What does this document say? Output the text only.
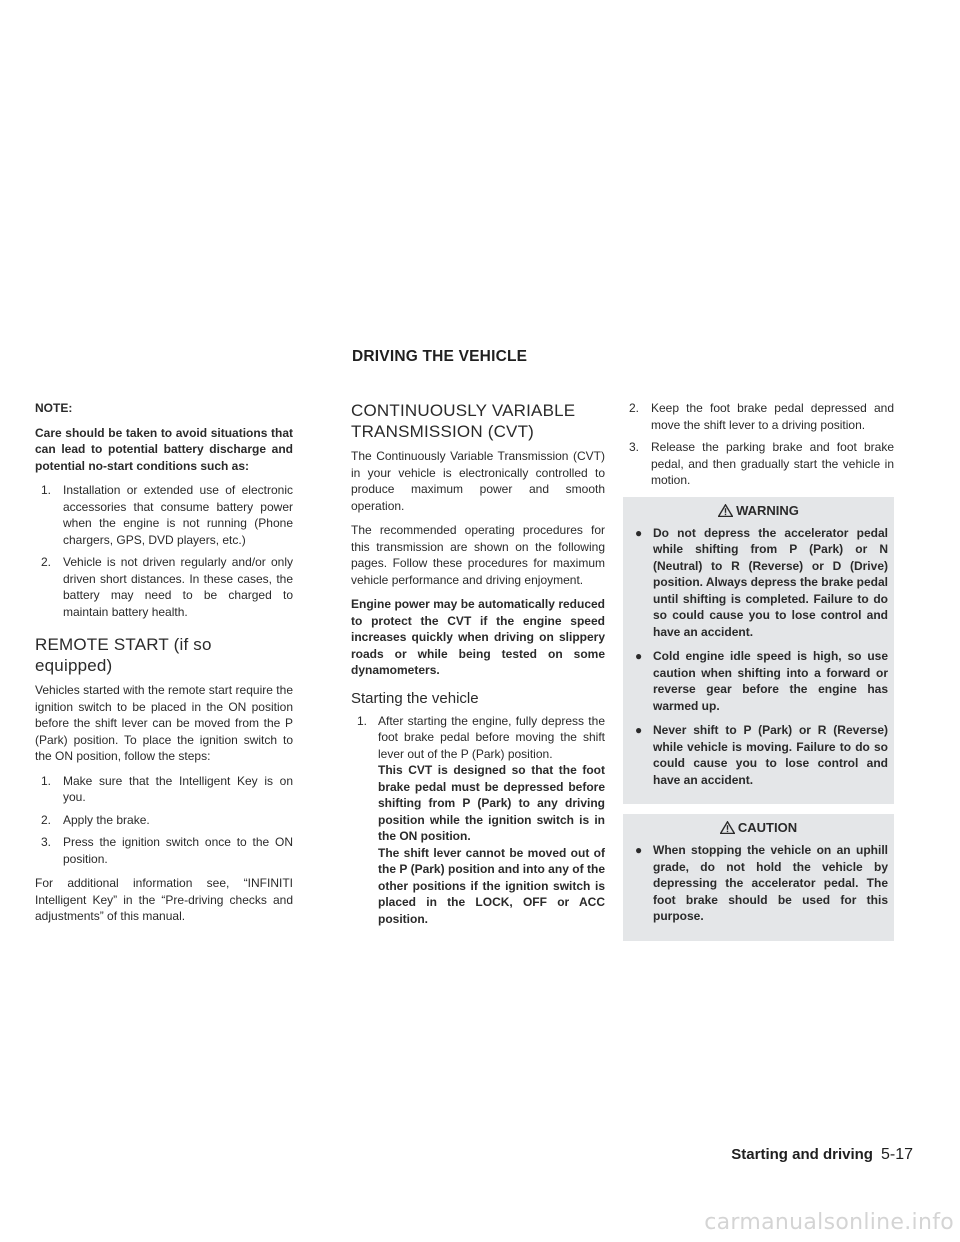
DRIVING THE VEHICLE
NOTE:

Care should be taken to avoid situations that can lead to potential battery discharge and potential no-start conditions such as:

1. Installation or extended use of electronic accessories that consume battery power when the engine is not running (Phone chargers, GPS, DVD players, etc.)
2. Vehicle is not driven regularly and/or only driven short distances. In these cases, the battery may need to be charged to maintain battery health.
REMOTE START (if so equipped)

Vehicles started with the remote start require the ignition switch to be placed in the ON position before the shift lever can be moved from the P (Park) position. To place the ignition switch to the ON position, follow the steps:

1. Make sure that the Intelligent Key is on you.
2. Apply the brake.
3. Press the ignition switch once to the ON position.

For additional information see, “INFINITI Intelligent Key” in the “Pre-driving checks and adjustments” of this manual.

CONTINUOUSLY VARIABLE TRANSMISSION (CVT)

The Continuously Variable Transmission (CVT) in your vehicle is electronically controlled to produce maximum power and smooth operation.

The recommended operating procedures for this transmission are shown on the following pages. Follow these procedures for maximum vehicle performance and driving enjoyment.

Engine power may be automatically reduced to protect the CVT if the engine speed increases quickly when driving on slippery roads or while being tested on some dynamometers.

Starting the vehicle
1. After starting the engine, fully depress the foot brake pedal before moving the shift lever out of the P (Park) position.
This CVT is designed so that the foot brake pedal must be depressed before shifting from P (Park) to any driving position while the ignition switch is in the ON position.
The shift lever cannot be moved out of the P (Park) position and into any of the other positions if the ignition switch is placed in the LOCK, OFF or ACC position.
2. Keep the foot brake pedal depressed and move the shift lever to a driving position.
3. Release the parking brake and foot brake pedal, and then gradually start the vehicle in motion.
WARNING
● Do not depress the accelerator pedal while shifting from P (Park) or N (Neutral) to R (Reverse) or D (Drive) position. Always depress the brake pedal until shifting is completed. Failure to do so could cause you to lose control and have an accident.
● Cold engine idle speed is high, so use caution when shifting into a forward or reverse gear before the engine has warmed up.
● Never shift to P (Park) or R (Reverse) while vehicle is moving. Failure to do so could cause you to lose control and have an accident.
CAUTION
● When stopping the vehicle on an uphill grade, do not hold the vehicle by depressing the accelerator pedal. The foot brake should be used for this purpose.
Starting and driving 5-17
carmanualsonline.info
